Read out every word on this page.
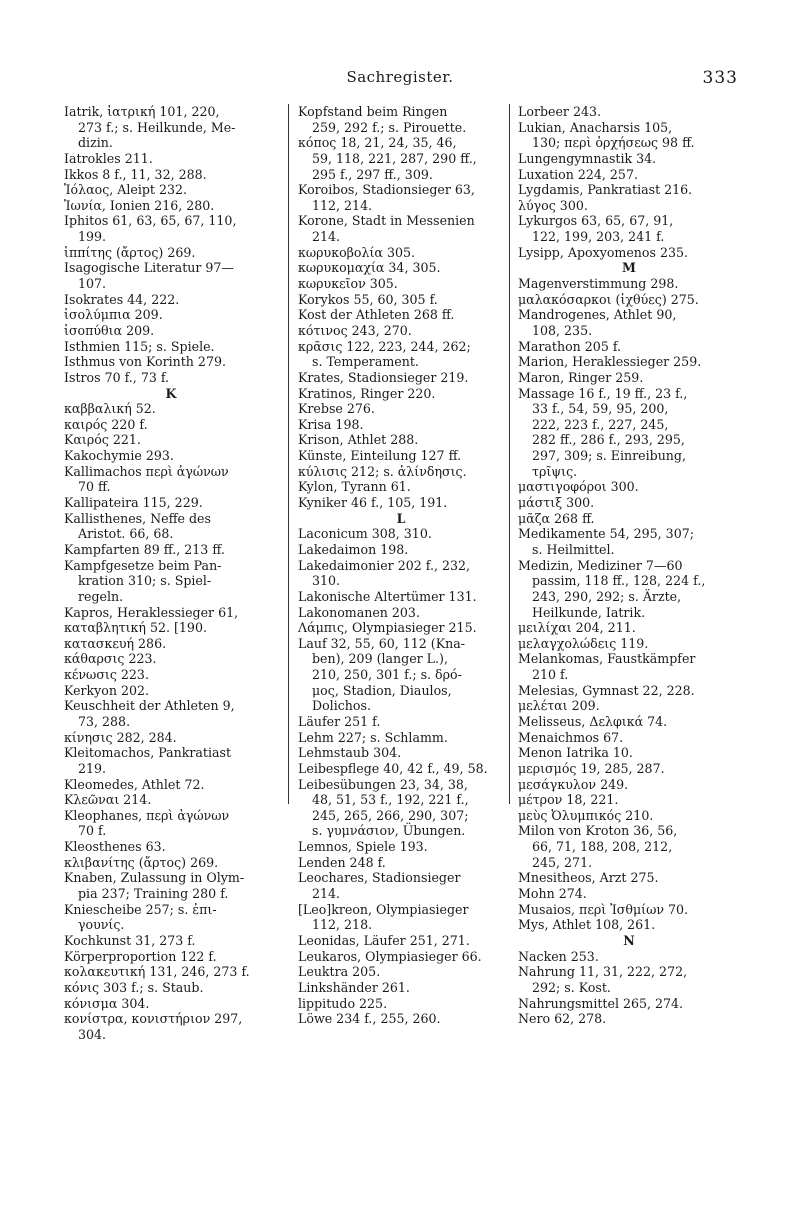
Sachregister.	333
Iatrik, ἰατρική 101, 220,
273 f.; s. Heilkunde, Me-
dizin.
Iatrokles 211.
Ikkos 8 f., 11, 32, 288.
Ἰόλαος, Aleipt 232.
Ἰωνία, Ionien 216, 280.
Iphitos 61, 63, 65, 67, 110,
199.
ἱππίτης (ἄρτος) 269.
Isagogische Literatur 97—
107.
Isokrates 44, 222.
ἰσολύμπια 209.
ἰσοπύθια 209.
Isthmien 115; s. Spiele.
Isthmus von Korinth 279.
Istros 70 f., 73 f.
K
καββαλική 52.
καιρός 220 f.
Καιρός 221.
Kakochymie 293.
Kallimachos περὶ ἀγώνων
70 ff.
Kallipateira 115, 229.
Kallisthenes, Neffe des
Aristot. 66, 68.
Kampfarten 89 ff., 213 ff.
Kampfgesetze beim Pan-
kration 310; s. Spiel-
regeln.
Kapros, Heraklessieger 61,
καταβλητική 52. [190.
κατασκευή 286.
κάθαρσις 223.
κένωσις 223.
Kerkyon 202.
Keuschheit der Athleten 9,
73, 288.
κίνησις 282, 284.
Kleitomachos, Pankratiast
219.
Kleomedes, Athlet 72.
Κλεῶναι 214.
Kleophanes, περὶ ἀγώνων
70 f.
Kleosthenes 63.
κλιβανίτης (ἄρτος) 269.
Knaben, Zulassung in Olym-
pia 237; Training 280 f.
Kniescheibe 257; s. ἐπι-
γουνίς.
Kochkunst 31, 273 f.
Körperproportion 122 f.
κολακευτική 131, 246, 273 f.
κόνις 303 f.; s. Staub.
κόνισμα 304.
κονίστρα, κονιστήριον 297,
304.
Kopfstand beim Ringen
259, 292 f.; s. Pirouette.
κόπος 18, 21, 24, 35, 46,
59, 118, 221, 287, 290 ff.,
295 f., 297 ff., 309.
Koroibos, Stadionsieger 63,
112, 214.
Korone, Stadt in Messenien
214.
κωρυκοβολία 305.
κωρυκομαχία 34, 305.
κωρυκεῖον 305.
Korykos 55, 60, 305 f.
Kost der Athleten 268 ff.
κότινος 243, 270.
κρᾶσις 122, 223, 244, 262;
s. Temperament.
Krates, Stadionsieger 219.
Kratinos, Ringer 220.
Krebse 276.
Krisa 198.
Krison, Athlet 288.
Künste, Einteilung 127 ff.
κύλισις 212; s. ἀλίνδησις.
Kylon, Tyrann 61.
Kyniker 46 f., 105, 191.
L
Laconicum 308, 310.
Lakedaimon 198.
Lakedaimonier 202 f., 232,
310.
Lakonische Altertümer 131.
Lakonomanen 203.
Λάμπις, Olympiasieger 215.
Lauf 32, 55, 60, 112 (Kna-
ben), 209 (langer L.),
210, 250, 301 f.; s. δρό-
μος, Stadion, Diaulos,
Dolichos.
Läufer 251 f.
Lehm 227; s. Schlamm.
Lehmstaub 304.
Leibespflege 40, 42 f., 49, 58.
Leibesübungen 23, 34, 38,
48, 51, 53 f., 192, 221 f.,
245, 265, 266, 290, 307;
s. γυμνάσιον, Übungen.
Lemnos, Spiele 193.
Lenden 248 f.
Leochares, Stadionsieger
214.
[Leo]kreon, Olympiasieger
112, 218.
Leonidas, Läufer 251, 271.
Leukaros, Olympiasieger 66.
Leuktra 205.
Linkshänder 261.
lippitudo 225.
Löwe 234 f., 255, 260.
Lorbeer 243.
Lukian, Anacharsis 105,
130; περὶ ὀρχήσεως 98 ff.
Lungengymnastik 34.
Luxation 224, 257.
Lygdamis, Pankratiast 216.
λύγος 300.
Lykurgos 63, 65, 67, 91,
122, 199, 203, 241 f.
Lysipp, Apoxyomenos 235.
M
Magenverstimmung 298.
μαλακόσαρκοι (ἰχθύες) 275.
Mandrogenes, Athlet 90,
108, 235.
Marathon 205 f.
Marion, Heraklessieger 259.
Maron, Ringer 259.
Massage 16 f., 19 ff., 23 f.,
33 f., 54, 59, 95, 200,
222, 223 f., 227, 245,
282 ff., 286 f., 293, 295,
297, 309; s. Einreibung,
τρῖψις.
μαστιγοφόροι 300.
μάστιξ 300.
μᾶζα 268 ff.
Medikamente 54, 295, 307;
s. Heilmittel.
Medizin, Mediziner 7—60
passim, 118 ff., 128, 224 f.,
243, 290, 292; s. Ärzte,
Heilkunde, Iatrik.
μειλίχαι 204, 211.
μελαγχολώδεις 119.
Melankomas, Faustkämpfer
210 f.
Melesias, Gymnast 22, 228.
μελέται 209.
Melisseus, Δελφικά 74.
Menaichmos 67.
Menon Iatrika 10.
μερισμός 19, 285, 287.
μεσάγκυλον 249.
μέτρον 18, 221.
μεὺς Ὀλυμπικός 210.
Milon von Kroton 36, 56,
66, 71, 188, 208, 212,
245, 271.
Mnesitheos, Arzt 275.
Mohn 274.
Musaios, περὶ Ἰσθμίων 70.
Mys, Athlet 108, 261.
N
Nacken 253.
Nahrung 11, 31, 222, 272,
292; s. Kost.
Nahrungsmittel 265, 274.
Nero 62, 278.
